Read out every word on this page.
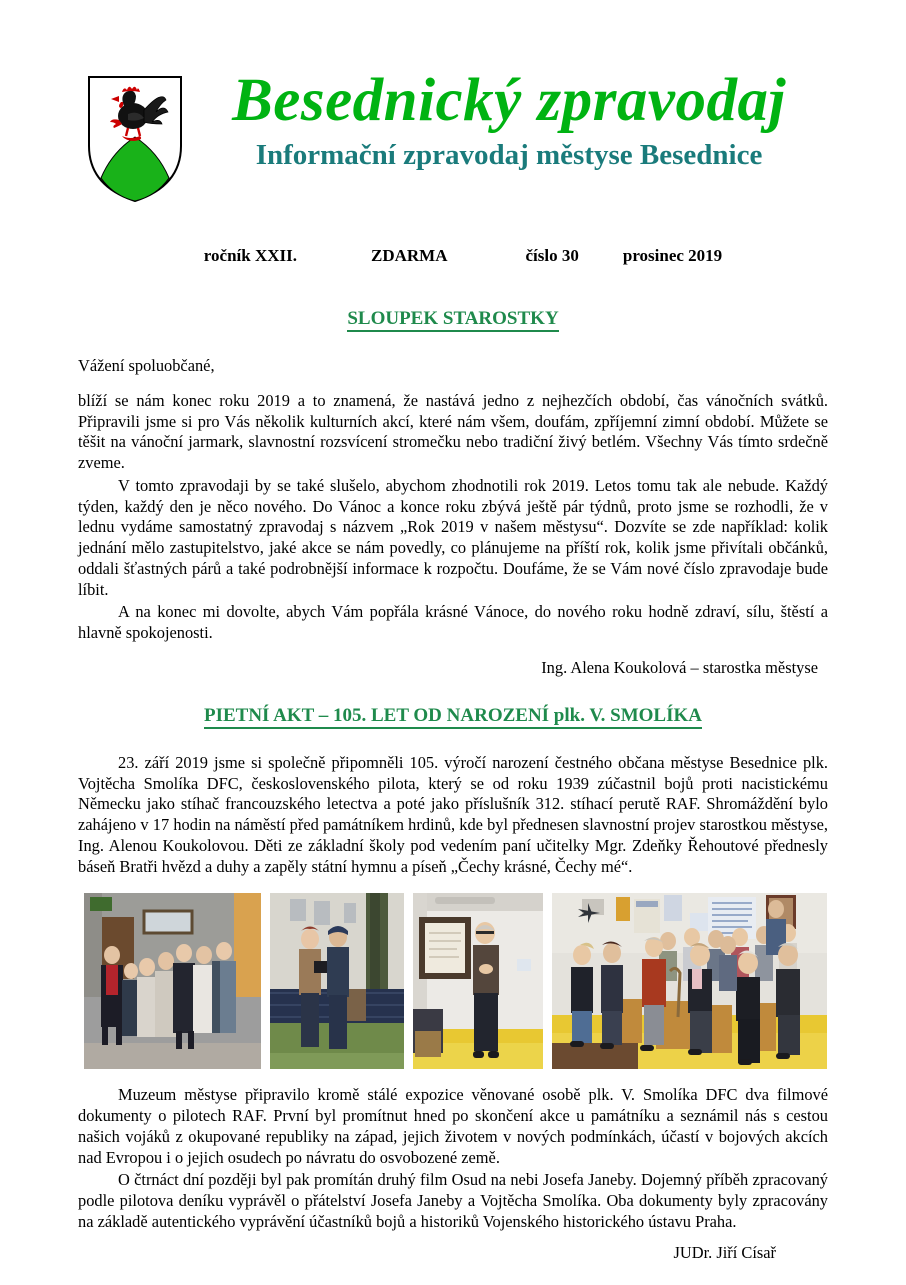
Besednický zpravodaj
Informační zpravodaj městyse Besednice
ročník XXII.	ZDARMA	číslo 30	prosinec 2019
SLOUPEK STAROSTKY

Vážení spoluobčané,

blíží se nám konec roku 2019 a to znamená, že nastává jedno z nejhezčích období, čas vánočních svátků. Připravili jsme si pro Vás několik kulturních akcí, které nám všem, doufám, zpříjemní zimní období. Můžete se těšit na vánoční jarmark, slavnostní rozsvícení stromečku nebo tradiční živý betlém. Všechny Vás tímto srdečně zveme.

V tomto zpravodaji by se také slušelo, abychom zhodnotili rok 2019. Letos tomu tak ale nebude. Každý týden, každý den je něco nového. Do Vánoc a konce roku zbývá ještě pár týdnů, proto jsme se rozhodli, že v lednu vydáme samostatný zpravodaj s názvem „Rok 2019 v našem městysu“. Dozvíte se zde například: kolik jednání mělo zastupitelstvo, jaké akce se nám povedly, co plánujeme na příští rok, kolik jsme přivítali občánků, oddali šťastných párů a také podrobnější informace k rozpočtu. Doufáme, že se Vám nové číslo zpravodaje bude líbit.

A na konec mi dovolte, abych Vám popřála krásné Vánoce, do nového roku hodně zdraví, sílu, štěstí a hlavně spokojenosti.

Ing. Alena Koukolová – starostka městyse

PIETNÍ AKT – 105. LET OD NAROZENÍ plk. V. SMOLÍKA

23. září 2019 jsme si společně připomněli 105. výročí narození čestného občana městyse Besednice plk. Vojtěcha Smolíka DFC, československého pilota, který se od roku 1939 zúčastnil bojů proti nacistickému Německu jako stíhač francouzského letectva a poté jako příslušník 312. stíhací perutě RAF. Shromáždění bylo zahájeno v 17 hodin na náměstí před památníkem hrdinů, kde byl přednesen slavnostní projev starostkou městyse, Ing. Alenou Koukolovou. Děti ze základní školy pod vedením paní učitelky Mgr. Zdeňky Řehoutové přednesly báseň Bratři hvězd a duhy a zapěly státní hymnu a píseň „Čechy krásné, Čechy mé“.

Muzeum městyse připravilo kromě stálé expozice věnované osobě plk. V. Smolíka DFC dva filmové dokumenty o pilotech RAF. První byl promítnut hned po skončení akce u památníku a seznámil nás s cestou našich vojáků z okupované republiky na západ, jejich životem v nových podmínkách, účastí v bojových akcích nad Evropou i o jejich osudech po návratu do osvobozené země.

O čtrnáct dní později byl pak promítán druhý film Osud na nebi Josefa Janeby. Dojemný příběh zpracovaný podle pilotova deníku vyprávěl o přátelství Josefa Janeby a Vojtěcha Smolíka. Oba dokumenty byly zpracovány na základě autentického vyprávění účastníků bojů a historiků Vojenského historického ústavu Praha.

JUDr. Jiří Císař
